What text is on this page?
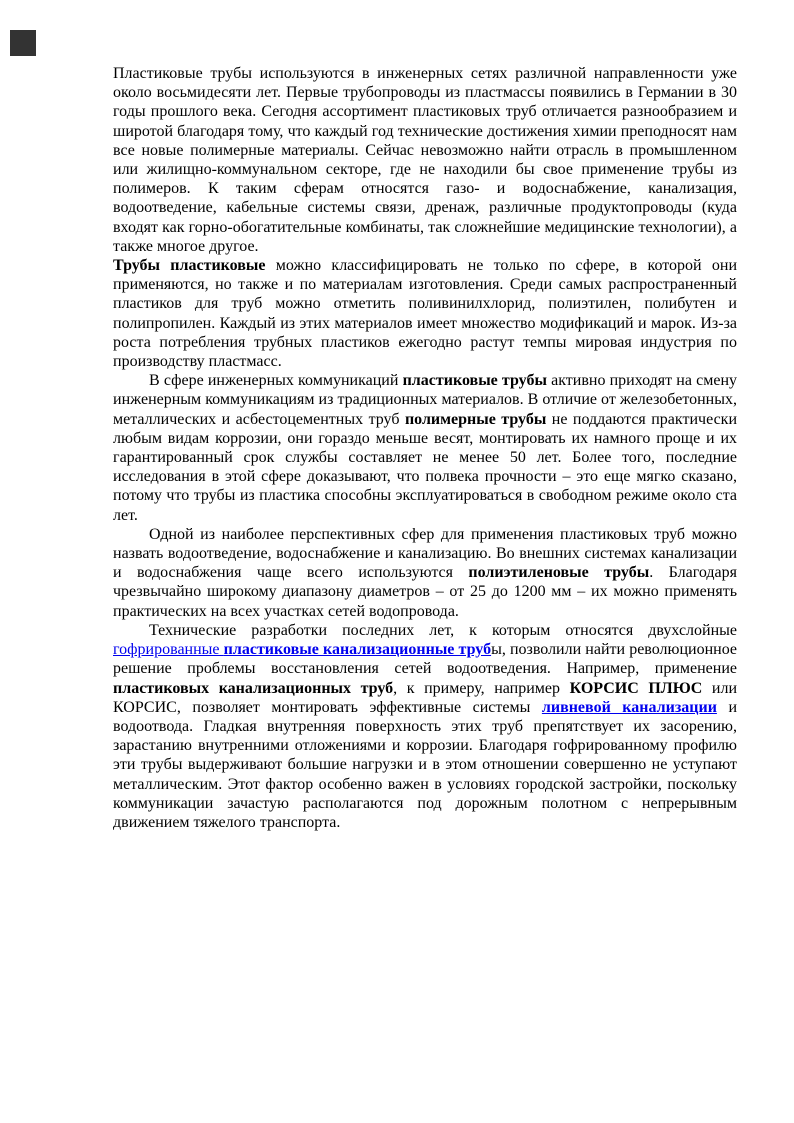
Пластиковые трубы используются в инженерных сетях различной направленности уже около восьмидесяти лет. Первые трубопроводы из пластмассы появились в Германии в 30 годы прошлого века. Сегодня ассортимент пластиковых труб отличается разнообразием и широтой благодаря тому, что каждый год технические достижения химии преподносят нам все новые полимерные материалы. Сейчас невозможно найти отрасль в промышленном или жилищно-коммунальном секторе, где не находили бы свое применение трубы из полимеров. К таким сферам относятся газо- и водоснабжение, канализация, водоотведение, кабельные системы связи, дренаж, различные продуктопроводы (куда входят как горно-обогатительные комбинаты, так сложнейшие медицинские технологии), а также многое другое.

Трубы пластиковые можно классифицировать не только по сфере, в которой они применяются, но также и по материалам изготовления. Среди самых распространенный пластиков для труб можно отметить поливинилхлорид, полиэтилен, полибутен и полипропилен. Каждый из этих материалов имеет множество модификаций и марок. Из-за роста потребления трубных пластиков ежегодно растут темпы мировая индустрия по производству пластмасс.

В сфере инженерных коммуникаций пластиковые трубы активно приходят на смену инженерным коммуникациям из традиционных материалов. В отличие от железобетонных, металлических и асбестоцементных труб полимерные трубы не поддаются практически любым видам коррозии, они гораздо меньше весят, монтировать их намного проще и их гарантированный срок службы составляет не менее 50 лет. Более того, последние исследования в этой сфере доказывают, что полвека прочности – это еще мягко сказано, потому что трубы из пластика способны эксплуатироваться в свободном режиме около ста лет.

Одной из наиболее перспективных сфер для применения пластиковых труб можно назвать водоотведение, водоснабжение и канализацию. Во внешних системах канализации и водоснабжения чаще всего используются полиэтиленовые трубы. Благодаря чрезвычайно широкому диапазону диаметров – от 25 до 1200 мм – их можно применять практических на всех участках сетей водопровода.

Технические разработки последних лет, к которым относятся двухслойные гофрированные пластиковые канализационные трубы, позволили найти революционное решение проблемы восстановления сетей водоотведения. Например, применение пластиковых канализационных труб, к примеру, например КОРСИС ПЛЮС или КОРСИС, позволяет монтировать эффективные системы ливневой канализации и водоотвода. Гладкая внутренняя поверхность этих труб препятствует их засорению, зарастанию внутренними отложениями и коррозии. Благодаря гофрированному профилю эти трубы выдерживают большие нагрузки и в этом отношении совершенно не уступают металлическим. Этот фактор особенно важен в условиях городской застройки, поскольку коммуникации зачастую располагаются под дорожным полотном с непрерывным движением тяжелого транспорта.
